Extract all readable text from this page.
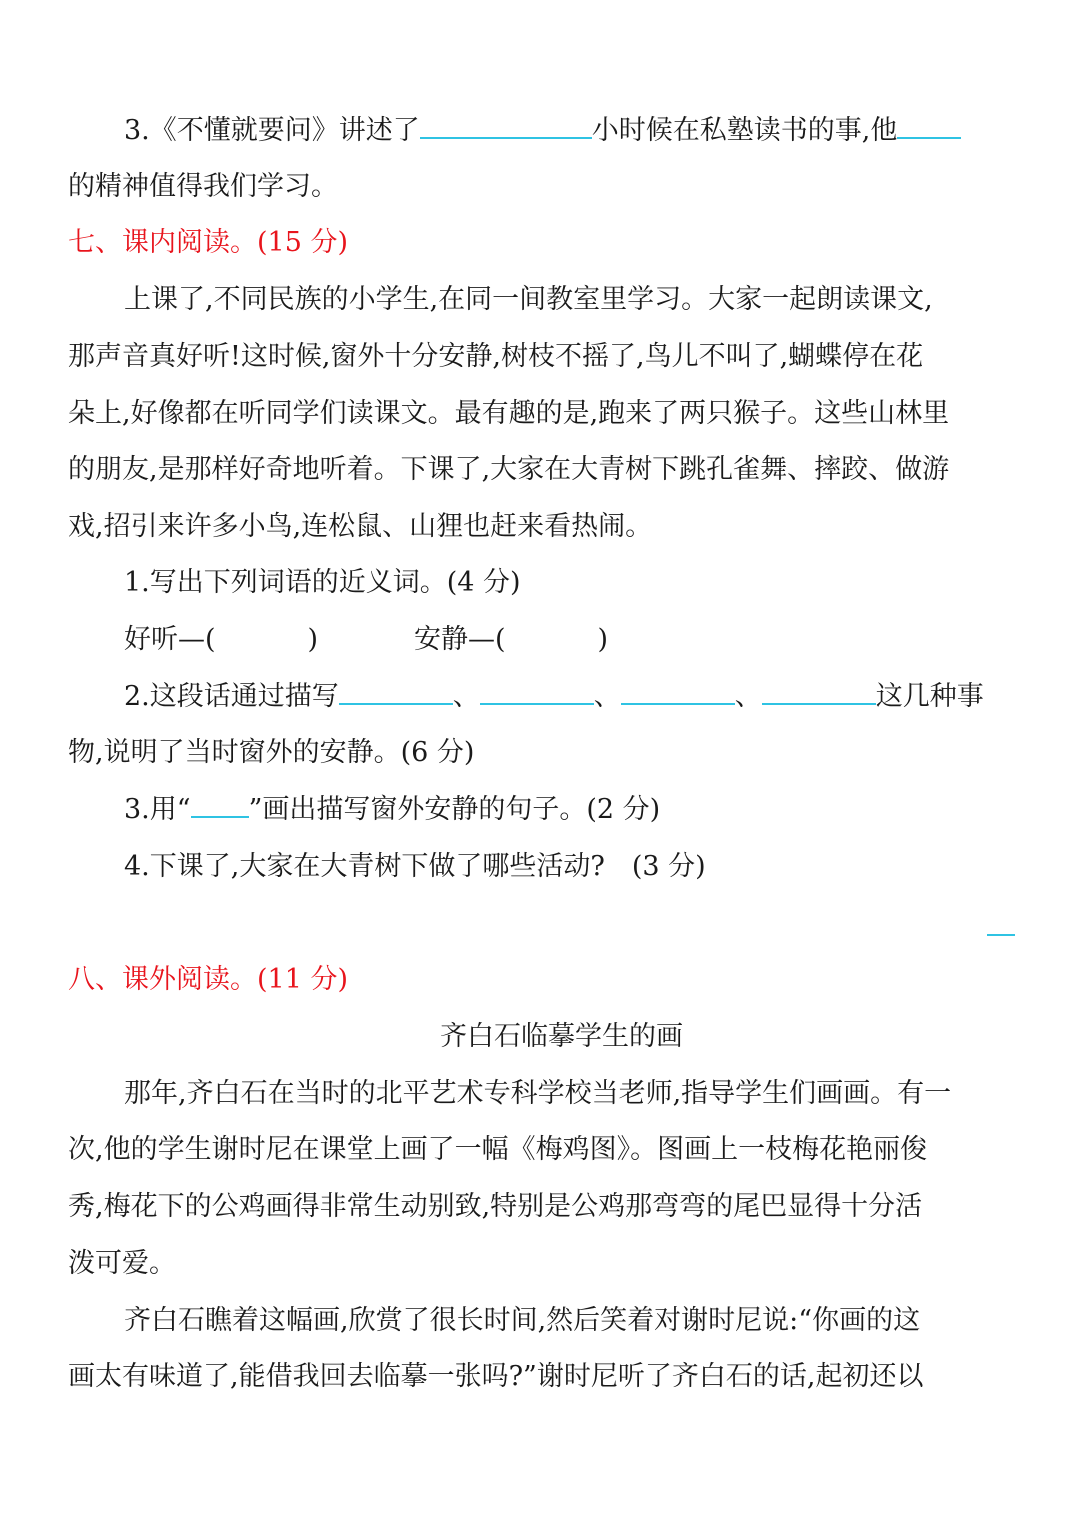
3.《不懂就要问》讲述了	小时候在私塾读书的事,他
的精神值得我们学习。
七、课内阅读。(15 分)
上课了,不同民族的小学生,在同一间教室里学习。大家一起朗读课文,
那声音真好听!这时候,窗外十分安静,树枝不摇了,鸟儿不叫了,蝴蝶停在花
朵上,好像都在听同学们读课文。最有趣的是,跑来了两只猴子。这些山林里
的朋友,是那样好奇地听着。下课了,大家在大青树下跳孔雀舞、摔跤、做游
戏,招引来许多小鸟,连松鼠、山狸也赶来看热闹。
1.写出下列词语的近义词。(4 分)
好听—(	)	安静—(	)
2.这段话通过描写	、	、	、	这几种事
物,说明了当时窗外的安静。(6 分)
3.用“ ”画出描写窗外安静的句子。(2 分)
4.下课了,大家在大青树下做了哪些活动?　(3 分)
八、课外阅读。(11 分)
齐白石临摹学生的画
那年,齐白石在当时的北平艺术专科学校当老师,指导学生们画画。有一
次,他的学生谢时尼在课堂上画了一幅《梅鸡图》。图画上一枝梅花艳丽俊
秀,梅花下的公鸡画得非常生动别致,特别是公鸡那弯弯的尾巴显得十分活
泼可爱。
齐白石瞧着这幅画,欣赏了很长时间,然后笑着对谢时尼说:“你画的这
画太有味道了,能借我回去临摹一张吗?”谢时尼听了齐白石的话,起初还以
